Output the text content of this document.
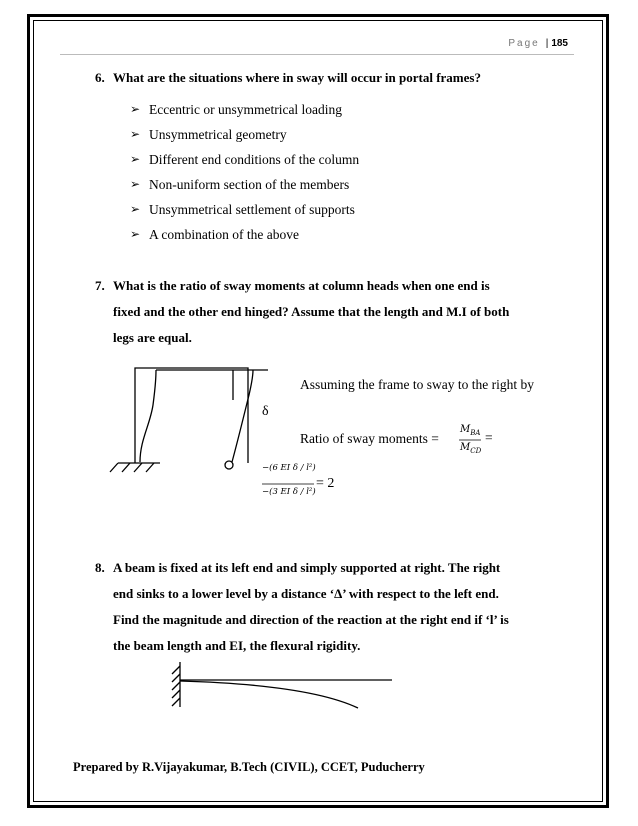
Page | 185
6. What are the situations where in sway will occur in portal frames?
➢ Eccentric or unsymmetrical loading
➢ Unsymmetrical geometry
➢ Different end conditions of the column
➢ Non-uniform section of the members
➢ Unsymmetrical settlement of supports
➢ A combination of the above
7. What is the ratio of sway moments at column heads when one end is
fixed and the other end hinged? Assume that the length and M.I of both
legs are equal.
Assuming the frame to sway to the right by
δ
Ratio of sway moments =
$M_{BA}$
$M_{CD}$
=
−(6 EI δ / l²)
−(3 EI δ / l²)
= 2
8. A beam is fixed at its left end and simply supported at right. The right
end sinks to a lower level by a distance ‘Δ’ with respect to the left end.
Find the magnitude and direction of the reaction at the right end if ‘l’ is
the beam length and EI, the flexural rigidity.
Prepared by R.Vijayakumar, B.Tech (CIVIL), CCET, Puducherry
